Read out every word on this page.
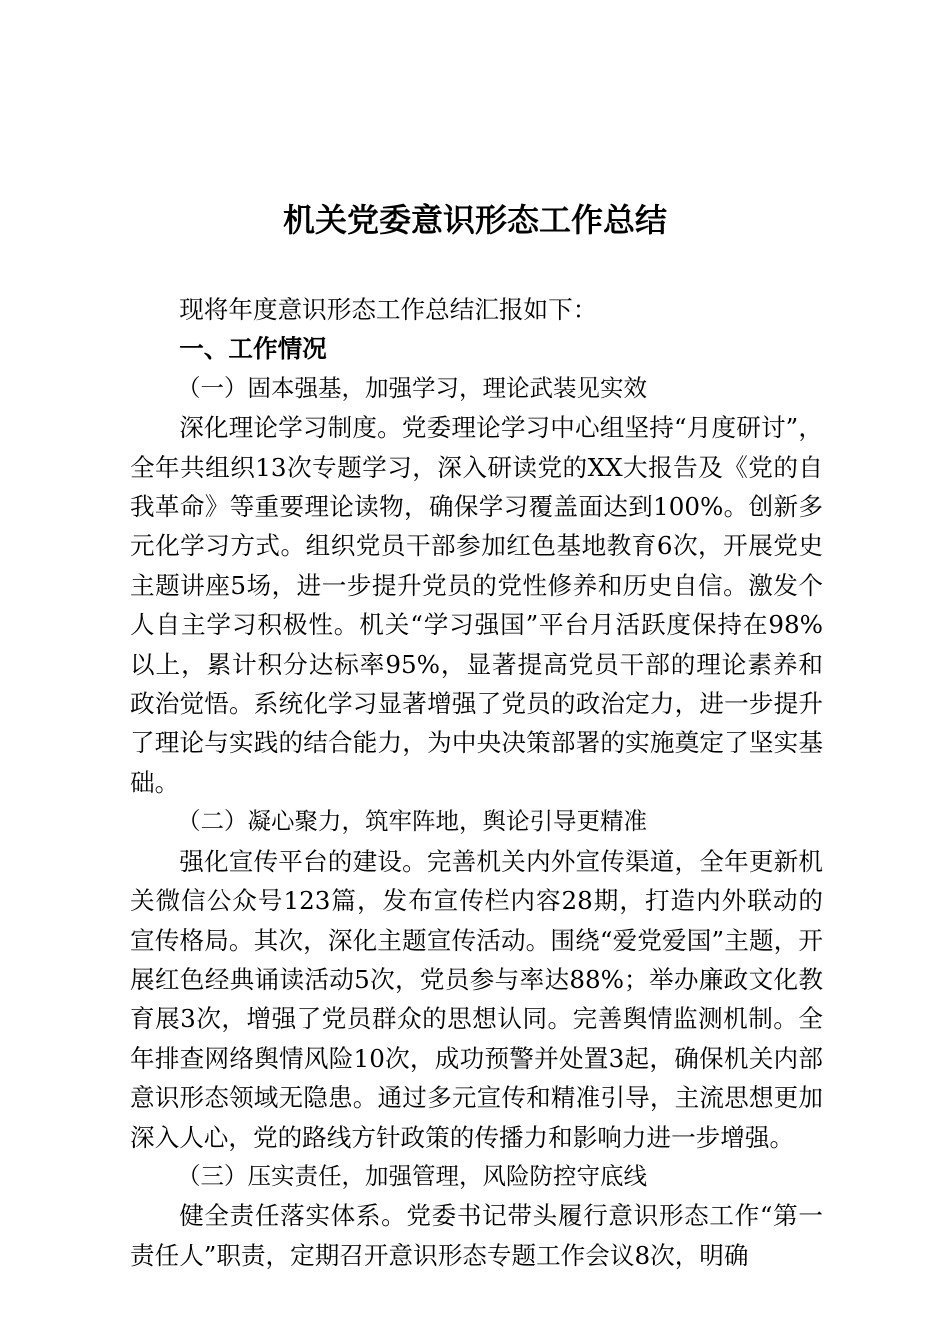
机关党委意识形态工作总结

现将年度意识形态工作总结汇报如下：

一、工作情况

（一）固本强基，加强学习，理论武装见实效

深化理论学习制度。党委理论学习中心组坚持“月度研讨”，全年共组织13次专题学习，深入研读党的XX大报告及《党的自我革命》等重要理论读物，确保学习覆盖面达到100%。创新多元化学习方式。组织党员干部参加红色基地教育6次，开展党史主题讲座5场，进一步提升党员的党性修养和历史自信。激发个人自主学习积极性。机关“学习强国”平台月活跃度保持在98%以上，累计积分达标率95%，显著提高党员干部的理论素养和政治觉悟。系统化学习显著增强了党员的政治定力，进一步提升了理论与实践的结合能力，为中央决策部署的实施奠定了坚实基础。

（二）凝心聚力，筑牢阵地，舆论引导更精准

强化宣传平台的建设。完善机关内外宣传渠道，全年更新机关微信公众号123篇，发布宣传栏内容28期，打造内外联动的宣传格局。其次，深化主题宣传活动。围绕“爱党爱国”主题，开展红色经典诵读活动5次，党员参与率达88%；举办廉政文化教育展3次，增强了党员群众的思想认同。完善舆情监测机制。全年排查网络舆情风险10次，成功预警并处置3起，确保机关内部意识形态领域无隐患。通过多元宣传和精准引导，主流思想更加深入人心，党的路线方针政策的传播力和影响力进一步增强。

（三）压实责任，加强管理，风险防控守底线

健全责任落实体系。党委书记带头履行意识形态工作“第一责任人”职责，定期召开意识形态专题工作会议8次，明确
